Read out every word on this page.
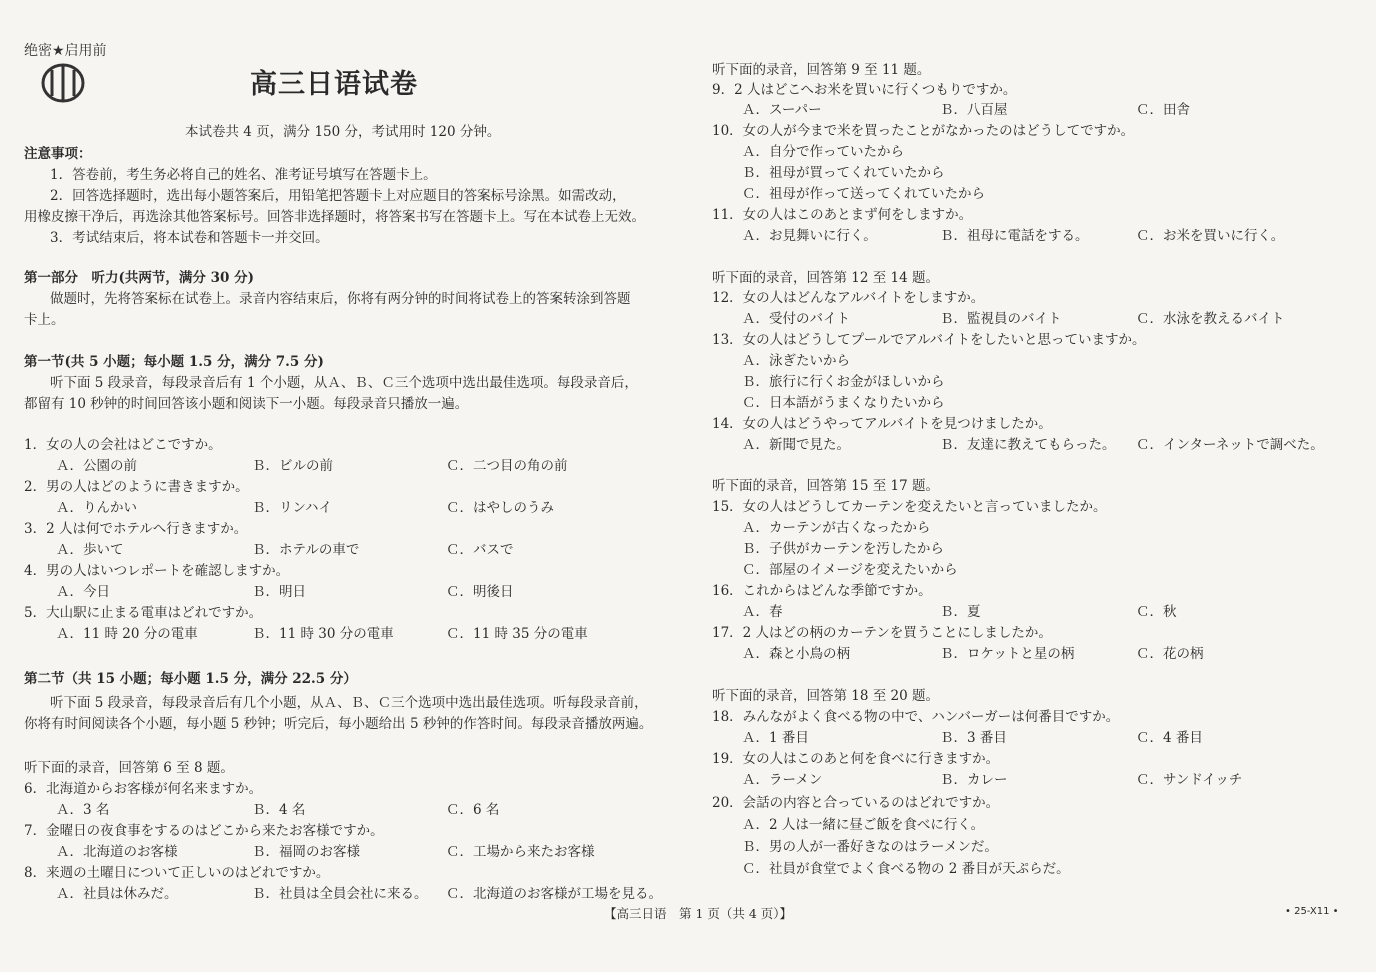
绝密★启用前
高三日语试卷
本试卷共 4 页，满分 150 分，考试用时 120 分钟。
注意事项：
1．答卷前，考生务必将自己的姓名、准考证号填写在答题卡上。
2．回答选择题时，选出每小题答案后，用铅笔把答题卡上对应题目的答案标号涂黑。如需改动，
用橡皮擦干净后，再选涂其他答案标号。回答非选择题时，将答案书写在答题卡上。写在本试卷上无效。
3．考试结束后，将本试卷和答题卡一并交回。
第一部分　听力(共两节，满分 30 分)
做题时，先将答案标在试卷上。录音内容结束后，你将有两分钟的时间将试卷上的答案转涂到答题
卡上。
第一节(共 5 小题；每小题 1.5 分，满分 7.5 分)
听下面 5 段录音，每段录音后有 1 个小题，从Ａ、Ｂ、Ｃ三个选项中选出最佳选项。每段录音后，
都留有 10 秒钟的时间回答该小题和阅读下一小题。每段录音只播放一遍。
1．女の人の会社はどこですか。
Ａ．公園の前	Ｂ．ビルの前	Ｃ．二つ目の角の前
2．男の人はどのように書きますか。
Ａ．りんかい	Ｂ．リンハイ	Ｃ．はやしのうみ
3．2 人は何でホテルへ行きますか。
Ａ．歩いて	Ｂ．ホテルの車で	Ｃ．バスで
4．男の人はいつレポートを確認しますか。
Ａ．今日	Ｂ．明日	Ｃ．明後日
5．大山駅に止まる電車はどれですか。
Ａ．11 時 20 分の電車	Ｂ．11 時 30 分の電車	Ｃ．11 時 35 分の電車
第二节（共 15 小题；每小题 1.5 分，满分 22.5 分）
听下面 5 段录音，每段录音后有几个小题，从Ａ、Ｂ、Ｃ三个选项中选出最佳选项。听每段录音前，
你将有时间阅读各个小题，每小题 5 秒钟；听完后，每小题给出 5 秒钟的作答时间。每段录音播放两遍。
听下面的录音，回答第 6 至 8 题。
6．北海道からお客様が何名来ますか。
Ａ．3 名	Ｂ．4 名	Ｃ．6 名
7．金曜日の夜食事をするのはどこから来たお客様ですか。
Ａ．北海道のお客様	Ｂ．福岡のお客様	Ｃ．工場から来たお客様
8．来週の土曜日について正しいのはどれですか。
Ａ．社員は休みだ。	Ｂ．社員は全員会社に来る。 Ｃ．北海道のお客様が工場を見る。
听下面的录音，回答第 9 至 11 题。
9．2 人はどこへお米を買いに行くつもりですか。
Ａ．スーパー	Ｂ．八百屋	Ｃ．田舎
10．女の人が今まで米を買ったことがなかったのはどうしてですか。
Ａ．自分で作っていたから
Ｂ．祖母が買ってくれていたから
Ｃ．祖母が作って送ってくれていたから
11．女の人はこのあとまず何をしますか。
Ａ．お見舞いに行く。	Ｂ．祖母に電話をする。	Ｃ．お米を買いに行く。
听下面的录音，回答第 12 至 14 题。
12．女の人はどんなアルバイトをしますか。
Ａ．受付のバイト	Ｂ．監視員のバイト	Ｃ．水泳を教えるバイト
13．女の人はどうしてプールでアルバイトをしたいと思っていますか。
Ａ．泳ぎたいから
Ｂ．旅行に行くお金がほしいから
Ｃ．日本語がうまくなりたいから
14．女の人はどうやってアルバイトを見つけましたか。
Ａ．新聞で見た。	Ｂ．友達に教えてもらった。 Ｃ．インターネットで調べた。
听下面的录音，回答第 15 至 17 题。
15．女の人はどうしてカーテンを変えたいと言っていましたか。
Ａ．カーテンが古くなったから
Ｂ．子供がカーテンを汚したから
Ｃ．部屋のイメージを変えたいから
16．これからはどんな季節ですか。
Ａ．春	Ｂ．夏	Ｃ．秋
17．2 人はどの柄のカーテンを買うことにしましたか。
Ａ．森と小鳥の柄	Ｂ．ロケットと星の柄	Ｃ．花の柄
听下面的录音，回答第 18 至 20 题。
18．みんながよく食べる物の中で、ハンバーガーは何番目ですか。
Ａ．1 番目	Ｂ．3 番目	Ｃ．4 番目
19．女の人はこのあと何を食べに行きますか。
Ａ．ラーメン	Ｂ．カレー	Ｃ．サンドイッチ
20．会話の内容と合っているのはどれですか。
Ａ．2 人は一緒に昼ご飯を食べに行く。
Ｂ．男の人が一番好きなのはラーメンだ。
Ｃ．社員が食堂でよく食べる物の 2 番目が天ぷらだ。
【高三日语　第 1 页（共 4 页）】	• 25-X11 •
